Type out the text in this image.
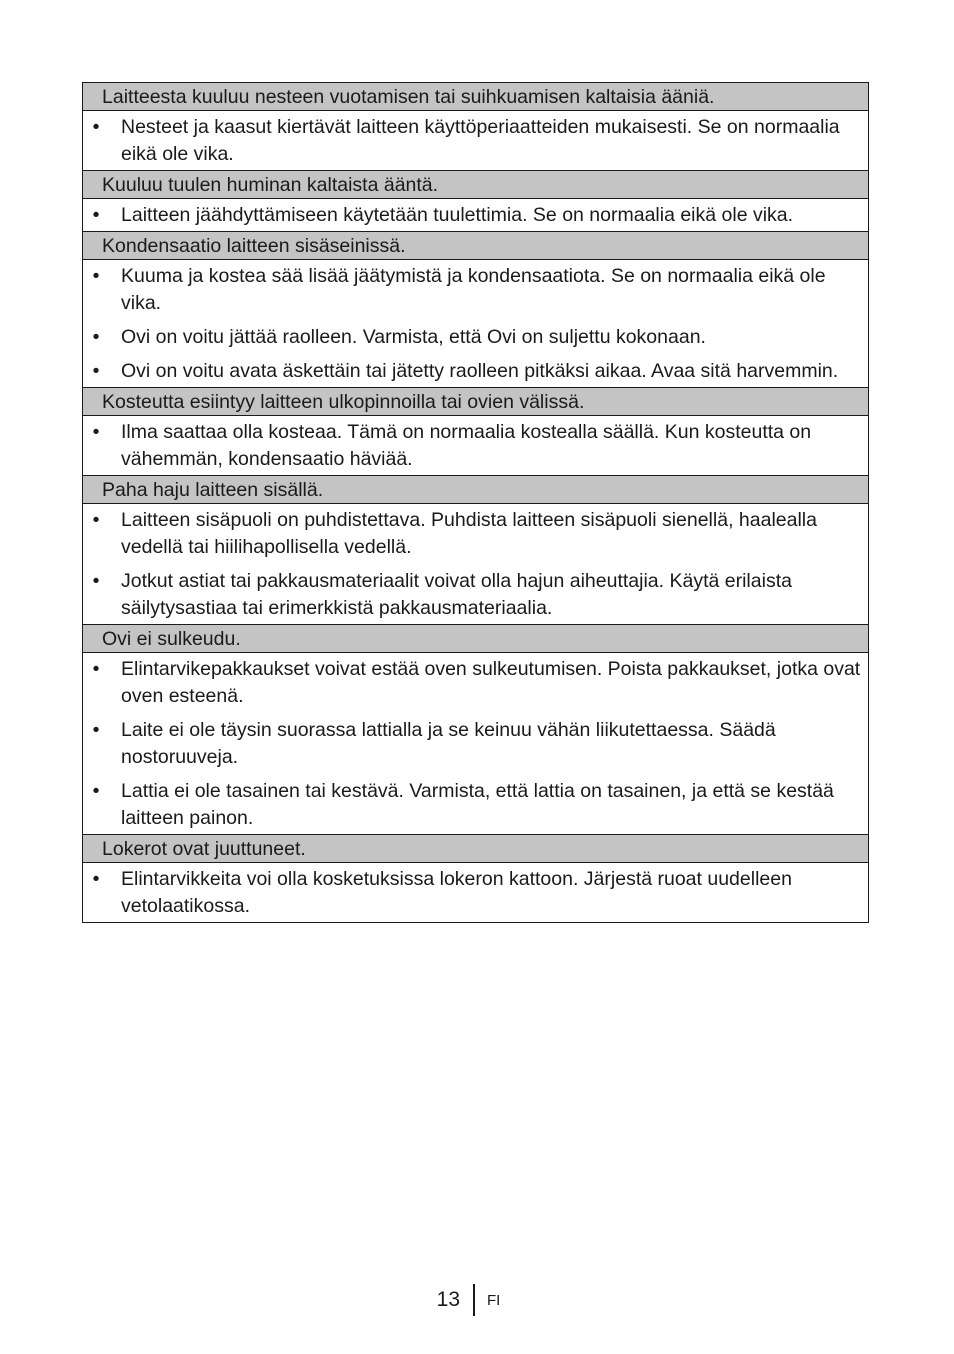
Laitteesta kuuluu nesteen vuotamisen tai suihkuamisen kaltaisia ääniä.
• Nesteet ja kaasut kiertävät laitteen käyttöperiaatteiden mukaisesti. Se on normaalia eikä ole vika.
Kuuluu tuulen huminan kaltaista ääntä.
• Laitteen jäähdyttämiseen käytetään tuulettimia. Se on normaalia eikä ole vika.
Kondensaatio laitteen sisäseinissä.
• Kuuma ja kostea sää lisää jäätymistä ja kondensaatiota. Se on normaalia eikä ole vika.
• Ovi on voitu jättää raolleen. Varmista, että Ovi on suljettu kokonaan.
• Ovi on voitu avata äskettäin tai jätetty raolleen pitkäksi aikaa. Avaa sitä harvemmin.
Kosteutta esiintyy laitteen ulkopinnoilla tai ovien välissä.
• Ilma saattaa olla kosteaa. Tämä on normaalia kostealla säällä. Kun kosteutta on vähemmän, kondensaatio häviää.
Paha haju laitteen sisällä.
• Laitteen sisäpuoli on puhdistettava. Puhdista laitteen sisäpuoli sienellä, haalealla vedellä tai hiilihapollisella vedellä.
• Jotkut astiat tai pakkausmateriaalit voivat olla hajun aiheuttajia. Käytä erilaista säilytysastiaa tai erimerkkistä pakkausmateriaalia.
Ovi ei sulkeudu.
• Elintarvikepakkaukset voivat estää oven sulkeutumisen. Poista pakkaukset, jotka ovat oven esteenä.
• Laite ei ole täysin suorassa lattialla ja se keinuu vähän liikutettaessa. Säädä nostoruuveja.
• Lattia ei ole tasainen tai kestävä. Varmista, että lattia on tasainen, ja että se kestää laitteen painon.
Lokerot ovat juuttuneet.
• Elintarvikkeita voi olla kosketuksissa lokeron kattoon. Järjestä ruoat uudelleen vetolaatikossa.
13 FI
